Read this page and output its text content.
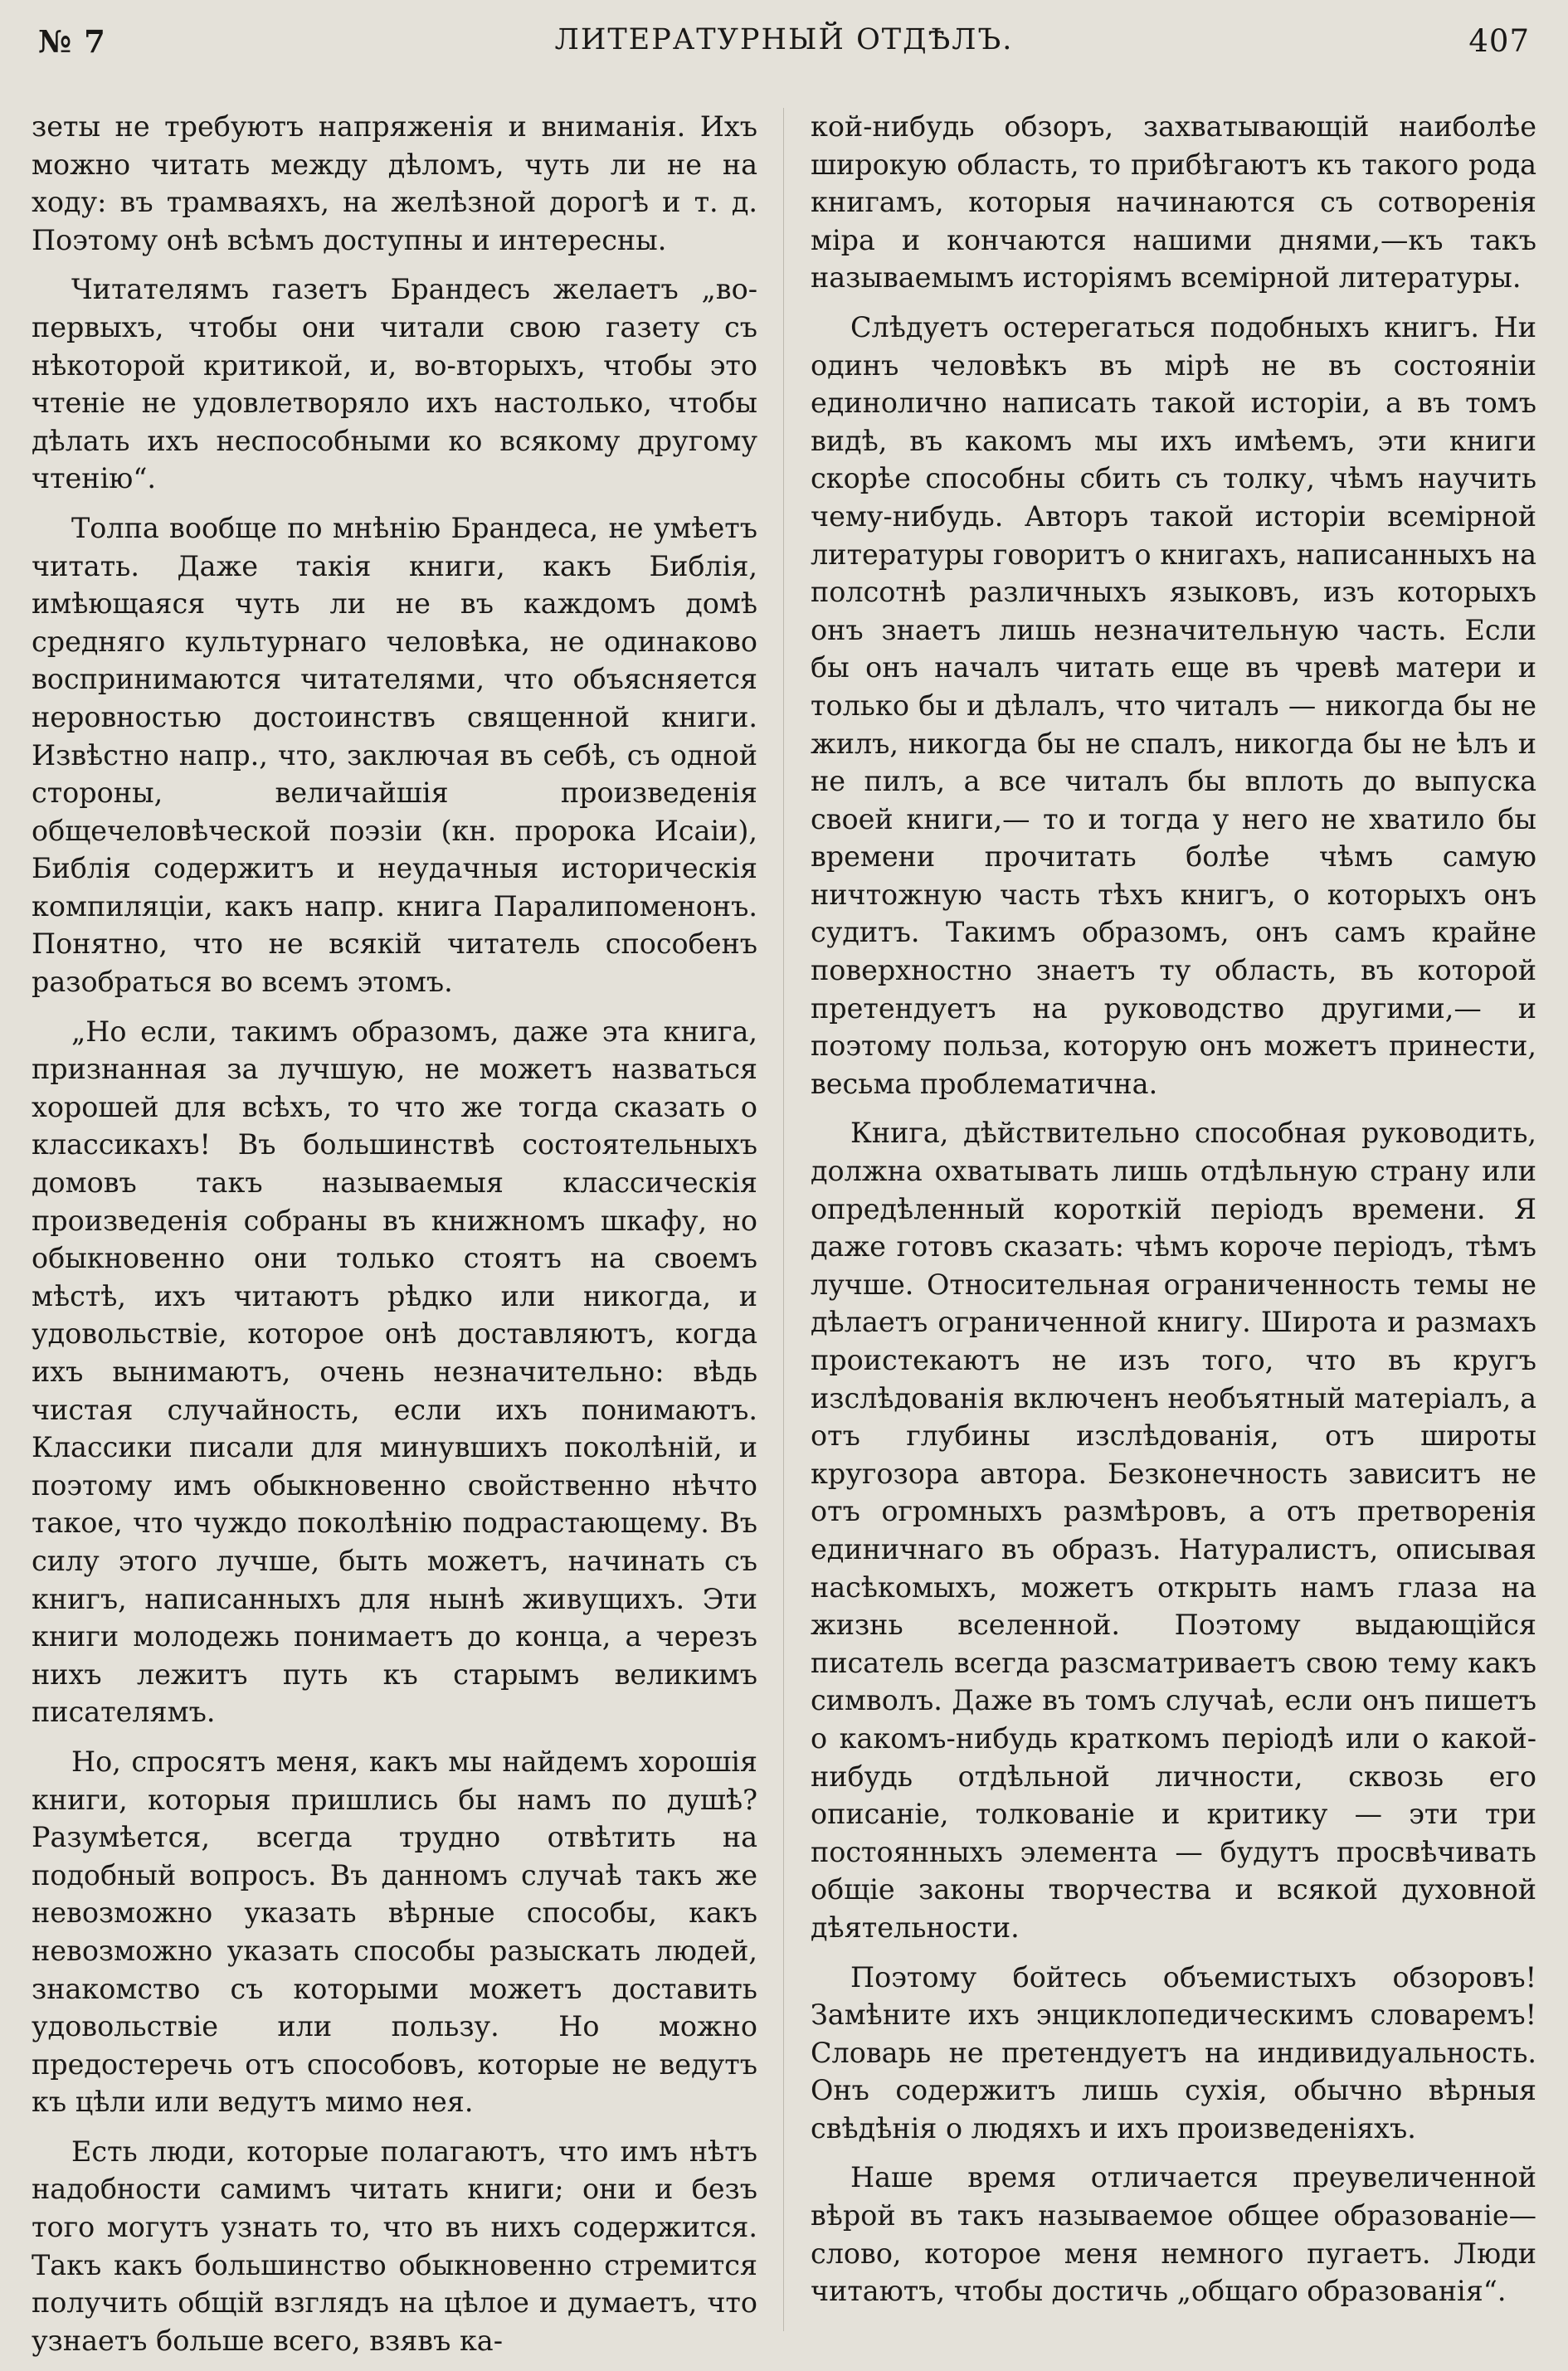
№ 7	ЛИТЕРАТУРНЫЙ ОТДѢЛЪ.	407

зеты не требуютъ напряженія и вниманія. Ихъ можно читать между дѣломъ, чуть ли не на ходу: въ трамваяхъ, на желѣзной дорогѣ и т. д. Поэтому онѣ всѣмъ доступны и интересны.

Читателямъ газетъ Брандесъ желаетъ „во-первыхъ, чтобы они читали свою газету съ нѣкоторой критикой, и, во-вторыхъ, чтобы это чтеніе не удовлетворяло ихъ настолько, чтобы дѣлать ихъ неспособными ко всякому другому чтенію“.

Толпа вообще по мнѣнію Брандеса, не умѣетъ читать. Даже такія книги, какъ Библія, имѣющаяся чуть ли не въ каждомъ домѣ средняго культурнаго человѣка, не одинаково воспринимаются читателями, что объясняется неровностью достоинствъ священной книги. Извѣстно напр., что, заключая въ себѣ, съ одной стороны, величайшія произведенія общечеловѣческой поэзіи (кн. пророка Исаіи), Библія содержитъ и неудачныя историческія компиляціи, какъ напр. книга Паралипоменонъ. Понятно, что не всякій читатель способенъ разобраться во всемъ этомъ.

„Но если, такимъ образомъ, даже эта книга, признанная за лучшую, не можетъ назваться хорошей для всѣхъ, то что же тогда сказать о классикахъ! Въ большинствѣ состоятельныхъ домовъ такъ называемыя классическія произведенія собраны въ книжномъ шкафу, но обыкновенно они только стоятъ на своемъ мѣстѣ, ихъ читаютъ рѣдко или никогда, и удовольствіе, которое онѣ доставляютъ, когда ихъ вынимаютъ, очень незначительно: вѣдь чистая случайность, если ихъ понимаютъ. Классики писали для минувшихъ поколѣній, и поэтому имъ обыкновенно свойственно нѣчто такое, что чуждо поколѣнію подрастающему. Въ силу этого лучше, быть можетъ, начинать съ книгъ, написанныхъ для нынѣ живущихъ. Эти книги молодежь понимаетъ до конца, а черезъ нихъ лежитъ путь къ старымъ великимъ писателямъ.

Но, спросятъ меня, какъ мы найдемъ хорошія книги, которыя пришлись бы намъ по душѣ? Разумѣется, всегда трудно отвѣтить на подобный вопросъ. Въ данномъ случаѣ такъ же невозможно указать вѣрные способы, какъ невозможно указать способы разыскать людей, знакомство съ которыми можетъ доставить удовольствіе или пользу. Но можно предостеречь отъ способовъ, которые не ведутъ къ цѣли или ведутъ мимо нея.

Есть люди, которые полагаютъ, что имъ нѣтъ надобности самимъ читать книги; они и безъ того могутъ узнать то, что въ нихъ содержится. Такъ какъ большинство обыкновенно стремится получить общій взглядъ на цѣлое и думаетъ, что узнаетъ больше всего, взявъ ка-

кой-нибудь обзоръ, захватывающій наиболѣе широкую область, то прибѣгаютъ къ такого рода книгамъ, которыя начинаются съ сотворенія міра и кончаются нашими днями,—къ такъ называемымъ исторіямъ всемірной литературы.

Слѣдуетъ остерегаться подобныхъ книгъ. Ни одинъ человѣкъ въ мірѣ не въ состояніи единолично написать такой исторіи, а въ томъ видѣ, въ какомъ мы ихъ имѣемъ, эти книги скорѣе способны сбить съ толку, чѣмъ научить чему-нибудь. Авторъ такой исторіи всемірной литературы говоритъ о книгахъ, написанныхъ на полсотнѣ различныхъ языковъ, изъ которыхъ онъ знаетъ лишь незначительную часть. Если бы онъ началъ читать еще въ чревѣ матери и только бы и дѣлалъ, что читалъ — никогда бы не жилъ, никогда бы не спалъ, никогда бы не ѣлъ и не пилъ, а все читалъ бы вплоть до выпуска своей книги,— то и тогда у него не хватило бы времени прочитать болѣе чѣмъ самую ничтожную часть тѣхъ книгъ, о которыхъ онъ судитъ. Такимъ образомъ, онъ самъ крайне поверхностно знаетъ ту область, въ которой претендуетъ на руководство другими,— и поэтому польза, которую онъ можетъ принести, весьма проблематична.

Книга, дѣйствительно способная руководить, должна охватывать лишь отдѣльную страну или опредѣленный короткій періодъ времени. Я даже готовъ сказать: чѣмъ короче періодъ, тѣмъ лучше. Относительная ограниченность темы не дѣлаетъ ограниченной книгу. Широта и размахъ проистекаютъ не изъ того, что въ кругъ изслѣдованія включенъ необъятный матеріалъ, а отъ глубины изслѣдованія, отъ широты кругозора автора. Безконечность зависитъ не отъ огромныхъ размѣровъ, а отъ претворенія единичнаго въ образъ. Натуралистъ, описывая насѣкомыхъ, можетъ открыть намъ глаза на жизнь вселенной. Поэтому выдающійся писатель всегда разсматриваетъ свою тему какъ символъ. Даже въ томъ случаѣ, если онъ пишетъ о какомъ-нибудь краткомъ періодѣ или о какой-нибудь отдѣльной личности, сквозь его описаніе, толкованіе и критику — эти три постоянныхъ элемента — будутъ просвѣчивать общіе законы творчества и всякой духовной дѣятельности.

Поэтому бойтесь объемистыхъ обзоровъ! Замѣните ихъ энциклопедическимъ словаремъ! Словарь не претендуетъ на индивидуальность. Онъ содержитъ лишь сухія, обычно вѣрныя свѣдѣнія о людяхъ и ихъ произведеніяхъ.

Наше время отличается преувеличенной вѣрой въ такъ называемое общее образованіе— слово, которое меня немного пугаетъ. Люди читаютъ, чтобы достичь „общаго образованія“.
